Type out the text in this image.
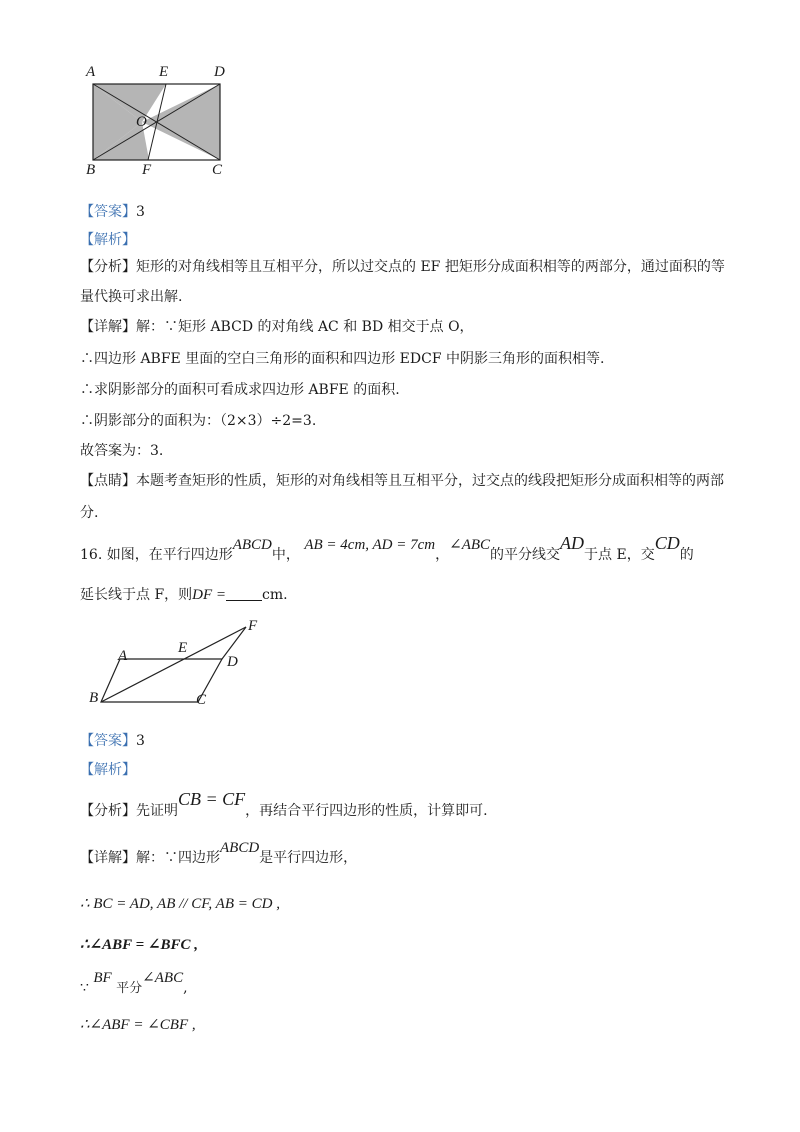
A	E	D
O
B	F	C
【答案】3
【解析】
【分析】矩形的对角线相等且互相平分，所以过交点的 EF 把矩形分成面积相等的两部分，通过面积的等
量代换可求出解.
【详解】解：∵矩形 ABCD 的对角线 AC 和 BD 相交于点 O，
∴四边形 ABFE 里面的空白三角形的面积和四边形 EDCF 中阴影三角形的面积相等.
∴求阴影部分的面积可看成求四边形 ABFE 的面积.
∴阴影部分的面积为：（2×3）÷2=3.
故答案为：3.
【点睛】本题考查矩形的性质，矩形的对角线相等且互相平分，过交点的线段把矩形分成面积相等的两部
分.
16. 如图，在平行四边形ABCD中， AB = 4cm, AD = 7cm，∠ABC的平分线交AD于点 E，交CD的
延长线于点 F，则DF =	cm.
A	E
D
F
B	C
【答案】3
【解析】
【分析】先证明CB = CF，再结合平行四边形的性质，计算即可.
【详解】解：∵四边形ABCD是平行四边形，
∴ BC = AD, AB // CF, AB = CD ,
∴∠ABF = ∠BFC ,
∵ BF 平分∠ABC,
∴∠ABF = ∠CBF ,
